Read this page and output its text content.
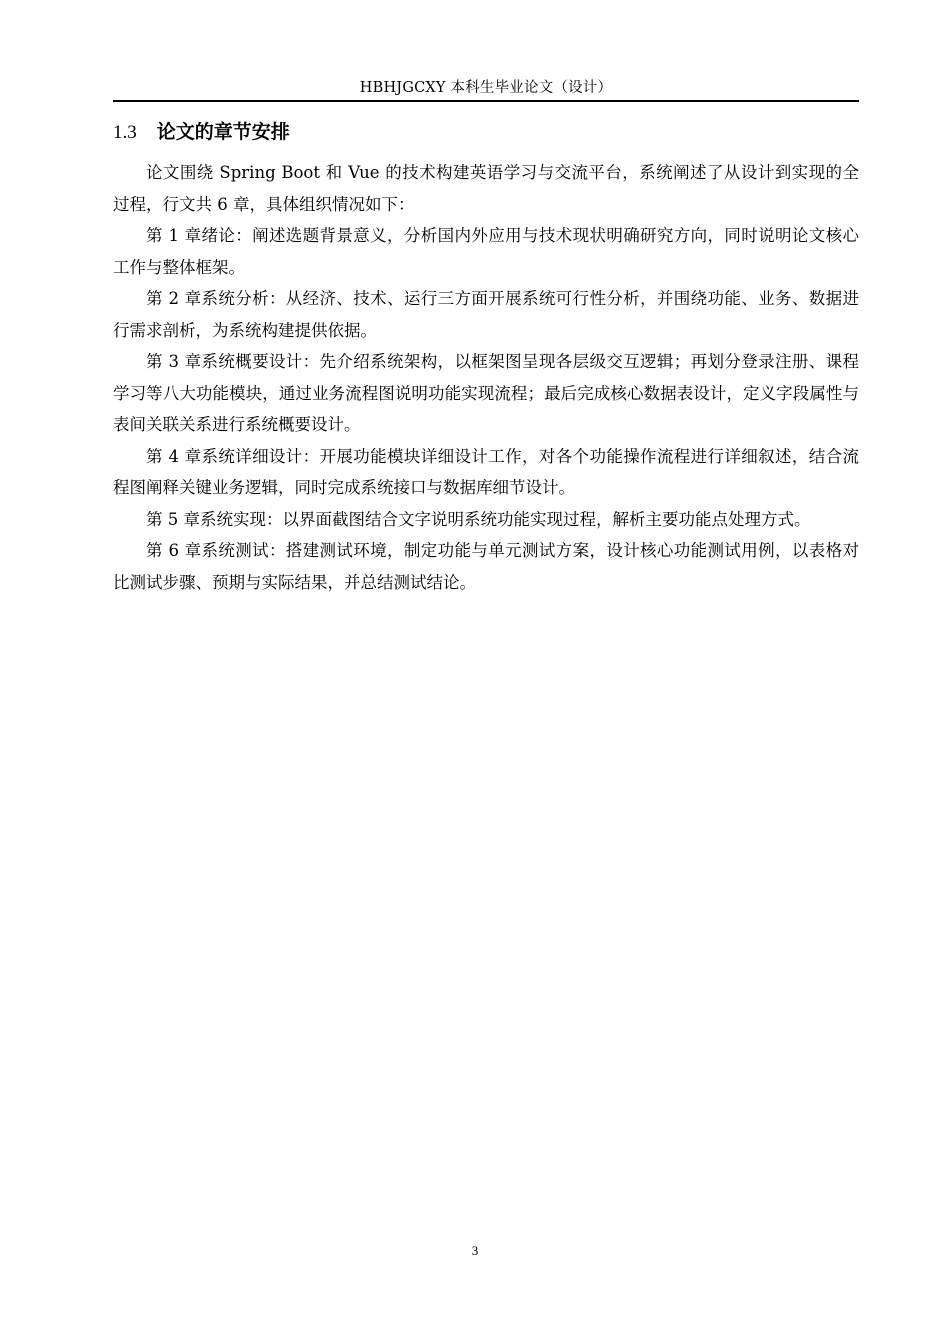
HBHJGCXY 本科生毕业论文（设计）
1.3 论文的章节安排

论文围绕 Spring Boot 和 Vue 的技术构建英语学习与交流平台，系统阐述了从设计到实现的全过程，行文共 6 章，具体组织情况如下：

第 1 章绪论：阐述选题背景意义，分析国内外应用与技术现状明确研究方向，同时说明论文核心工作与整体框架。

第 2 章系统分析：从经济、技术、运行三方面开展系统可行性分析，并围绕功能、业务、数据进行需求剖析，为系统构建提供依据。

第 3 章系统概要设计：先介绍系统架构，以框架图呈现各层级交互逻辑；再划分登录注册、课程学习等八大功能模块，通过业务流程图说明功能实现流程；最后完成核心数据表设计，定义字段属性与表间关联关系进行系统概要设计。

第 4 章系统详细设计：开展功能模块详细设计工作，对各个功能操作流程进行详细叙述，结合流程图阐释关键业务逻辑，同时完成系统接口与数据库细节设计。

第 5 章系统实现：以界面截图结合文字说明系统功能实现过程，解析主要功能点处理方式。

第 6 章系统测试：搭建测试环境，制定功能与单元测试方案，设计核心功能测试用例，以表格对比测试步骤、预期与实际结果，并总结测试结论。

3
